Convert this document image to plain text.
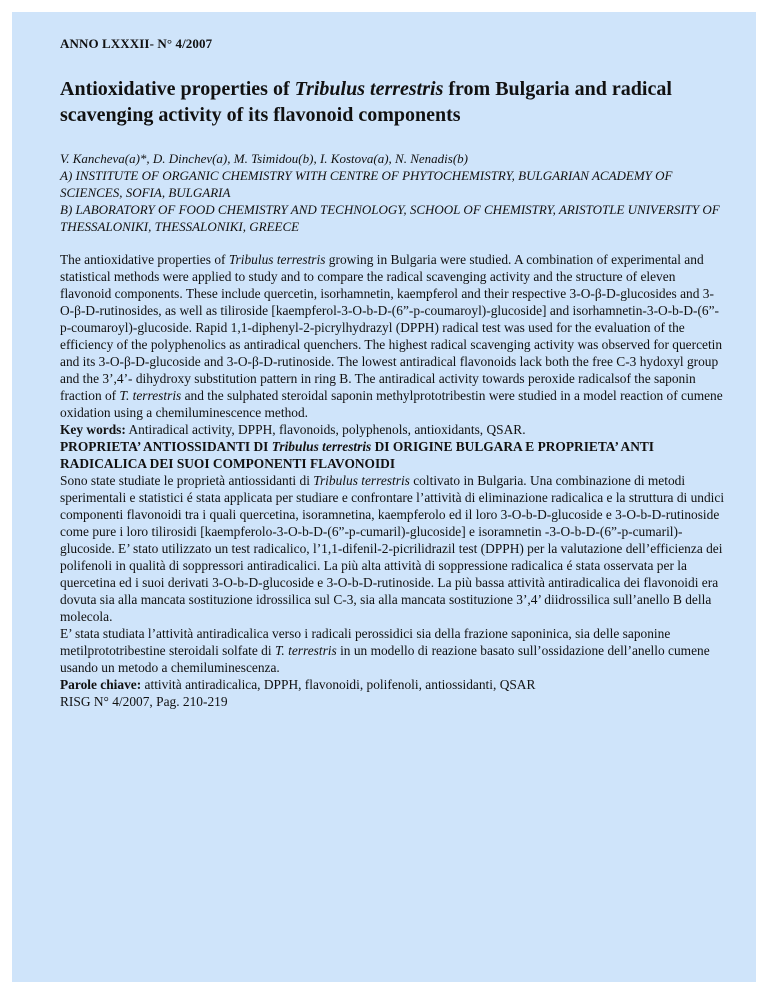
ANNO LXXXII- N° 4/2007
Antioxidative properties of Tribulus terrestris from Bulgaria and radical scavenging activity of its flavonoid components

V. Kancheva(a)*, D. Dinchev(a), M. Tsimidou(b), I. Kostova(a), N. Nenadis(b)

A) INSTITUTE OF ORGANIC CHEMISTRY WITH CENTRE OF PHYTOCHEMISTRY, BULGARIAN ACADEMY OF SCIENCES, SOFIA, BULGARIA

B) LABORATORY OF FOOD CHEMISTRY AND TECHNOLOGY, SCHOOL OF CHEMISTRY, ARISTOTLE UNIVERSITY OF THESSALONIKI, THESSALONIKI, GREECE

The antioxidative properties of Tribulus terrestris growing in Bulgaria were studied. A combination of experimental and statistical methods were applied to study and to compare the radical scavenging activity and the structure of eleven flavonoid components. These include quercetin, isorhamnetin, kaempferol and their respective 3-O-β-D-glucosides and 3-O-β-D-rutinosides, as well as tiliroside [kaempferol-3-O-b-D-(6”-p-coumaroyl)-glucoside] and isorhamnetin-3-O-b-D-(6”-p-coumaroyl)-glucoside. Rapid 1,1-diphenyl-2-picrylhydrazyl (DPPH) radical test was used for the evaluation of the efficiency of the polyphenolics as antiradical quenchers. The highest radical scavenging activity was observed for quercetin and its 3-O-β-D-glucoside and 3-O-β-D-rutinoside. The lowest antiradical flavonoids lack both the free C-3 hydoxyl group and the 3’,4’- dihydroxy substitution pattern in ring B. The antiradical activity towards peroxide radicalsof the saponin fraction of T. terrestris and the sulphated steroidal saponin methylprototribestin were studied in a model reaction of cumene oxidation using a chemiluminescence method.

Key words: Antiradical activity, DPPH, flavonoids, polyphenols, antioxidants, QSAR.

PROPRIETA’ ANTIOSSIDANTI DI Tribulus terrestris DI ORIGINE BULGARA E PROPRIETA’ ANTI RADICALICA DEI SUOI COMPONENTI FLAVONOIDI

Sono state studiate le proprietà antiossidanti di Tribulus terrestris coltivato in Bulgaria. Una combinazione di metodi sperimentali e statistici é stata applicata per studiare e confrontare l’attività di eliminazione radicalica e la struttura di undici componenti flavonoidi tra i quali quercetina, isoramnetina, kaempferolo ed il loro 3-O-b-D-glucoside e 3-O-b-D-rutinoside come pure i loro tilirosidi [kaempferolo-3-O-b-D-(6”-p-cumaril)-glucoside] e isoramnetin -3-O-b-D-(6”-p-cumaril)-glucoside. E’ stato utilizzato un test radicalico, l’1,1-difenil-2-picrilidrazil test (DPPH) per la valutazione dell’efficienza dei polifenoli in qualità di soppressori antiradicalici. La più alta attività di soppressione radicalica é stata osservata per la quercetina ed i suoi derivati 3-O-b-D-glucoside e 3-O-b-D-rutinoside. La più bassa attività antiradicalica dei flavonoidi era dovuta sia alla mancata sostituzione idrossilica sul C-3, sia alla mancata sostituzione 3’,4’ diidrossilica sull’anello B della molecola.

E’ stata studiata l’attività antiradicalica verso i radicali perossidici sia della frazione saponinica, sia delle saponine metilprototribestine steroidali solfate di T. terrestris in un modello di reazione basato sull’ossidazione dell’anello cumene usando un metodo a chemiluminescenza.

Parole chiave: attività antiradicalica, DPPH, flavonoidi, polifenoli, antiossidanti, QSAR

RISG N° 4/2007, Pag. 210-219
